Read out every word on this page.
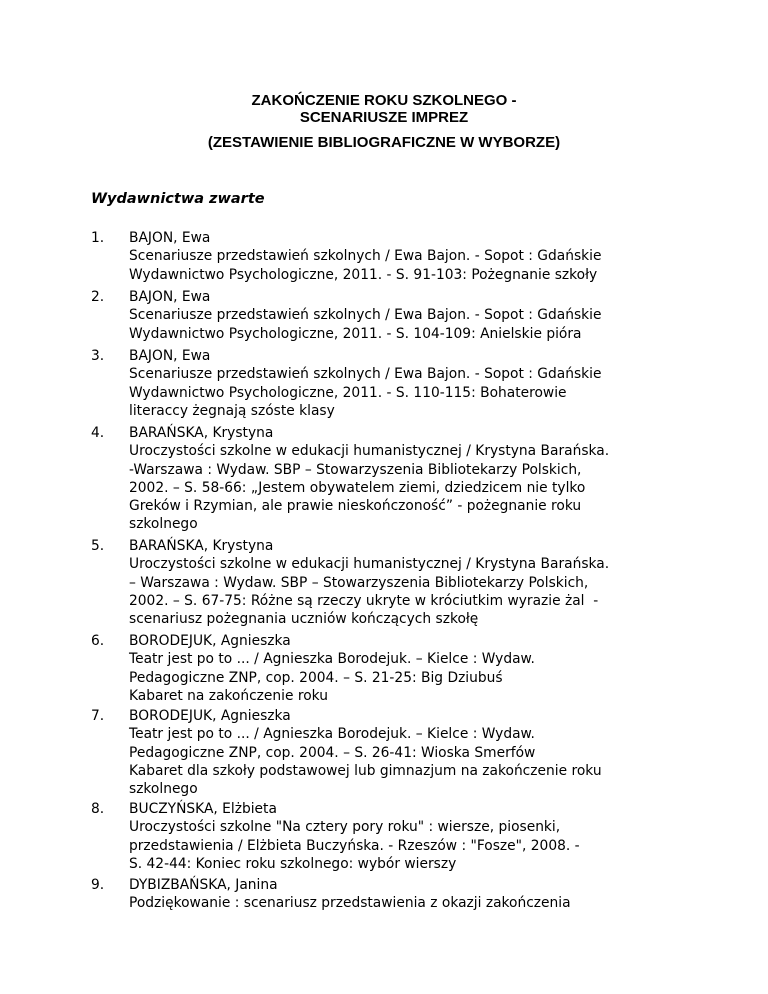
ZAKOŃCZENIE ROKU SZKOLNEGO -
SCENARIUSZE IMPREZ
(ZESTAWIENIE BIBLIOGRAFICZNE W WYBORZE)
Wydawnictwa zwarte
1. BAJON, Ewa
Scenariusze przedstawień szkolnych / Ewa Bajon. - Sopot : Gdańskie
Wydawnictwo Psychologiczne, 2011. - S. 91-103: Pożegnanie szkoły
2. BAJON, Ewa
Scenariusze przedstawień szkolnych / Ewa Bajon. - Sopot : Gdańskie
Wydawnictwo Psychologiczne, 2011. - S. 104-109: Anielskie pióra
3. BAJON, Ewa
Scenariusze przedstawień szkolnych / Ewa Bajon. - Sopot : Gdańskie
Wydawnictwo Psychologiczne, 2011. - S. 110-115: Bohaterowie
literaccy żegnają szóste klasy
4. BARAŃSKA, Krystyna
Uroczystości szkolne w edukacji humanistycznej / Krystyna Barańska.
-Warszawa : Wydaw. SBP – Stowarzyszenia Bibliotekarzy Polskich,
2002. – S. 58-66: „Jestem obywatelem ziemi, dziedzicem nie tylko
Greków i Rzymian, ale prawie nieskończoność” - pożegnanie roku
szkolnego
5. BARAŃSKA, Krystyna
Uroczystości szkolne w edukacji humanistycznej / Krystyna Barańska.
– Warszawa : Wydaw. SBP – Stowarzyszenia Bibliotekarzy Polskich,
2002. – S. 67-75: Różne są rzeczy ukryte w króciutkim wyrazie żal  -
scenariusz pożegnania uczniów kończących szkołę
6. BORODEJUK, Agnieszka
Teatr jest po to ... / Agnieszka Borodejuk. – Kielce : Wydaw.
Pedagogiczne ZNP, cop. 2004. – S. 21-25: Big Dziubuś
Kabaret na zakończenie roku
7. BORODEJUK, Agnieszka
Teatr jest po to ... / Agnieszka Borodejuk. – Kielce : Wydaw.
Pedagogiczne ZNP, cop. 2004. – S. 26-41: Wioska Smerfów
Kabaret dla szkoły podstawowej lub gimnazjum na zakończenie roku
szkolnego
8. BUCZYŃSKA, Elżbieta
Uroczystości szkolne "Na cztery pory roku" : wiersze, piosenki,
przedstawienia / Elżbieta Buczyńska. - Rzeszów : "Fosze", 2008. -
S. 42-44: Koniec roku szkolnego: wybór wierszy
9. DYBIZBAŃSKA, Janina
Podziękowanie : scenariusz przedstawienia z okazji zakończenia
